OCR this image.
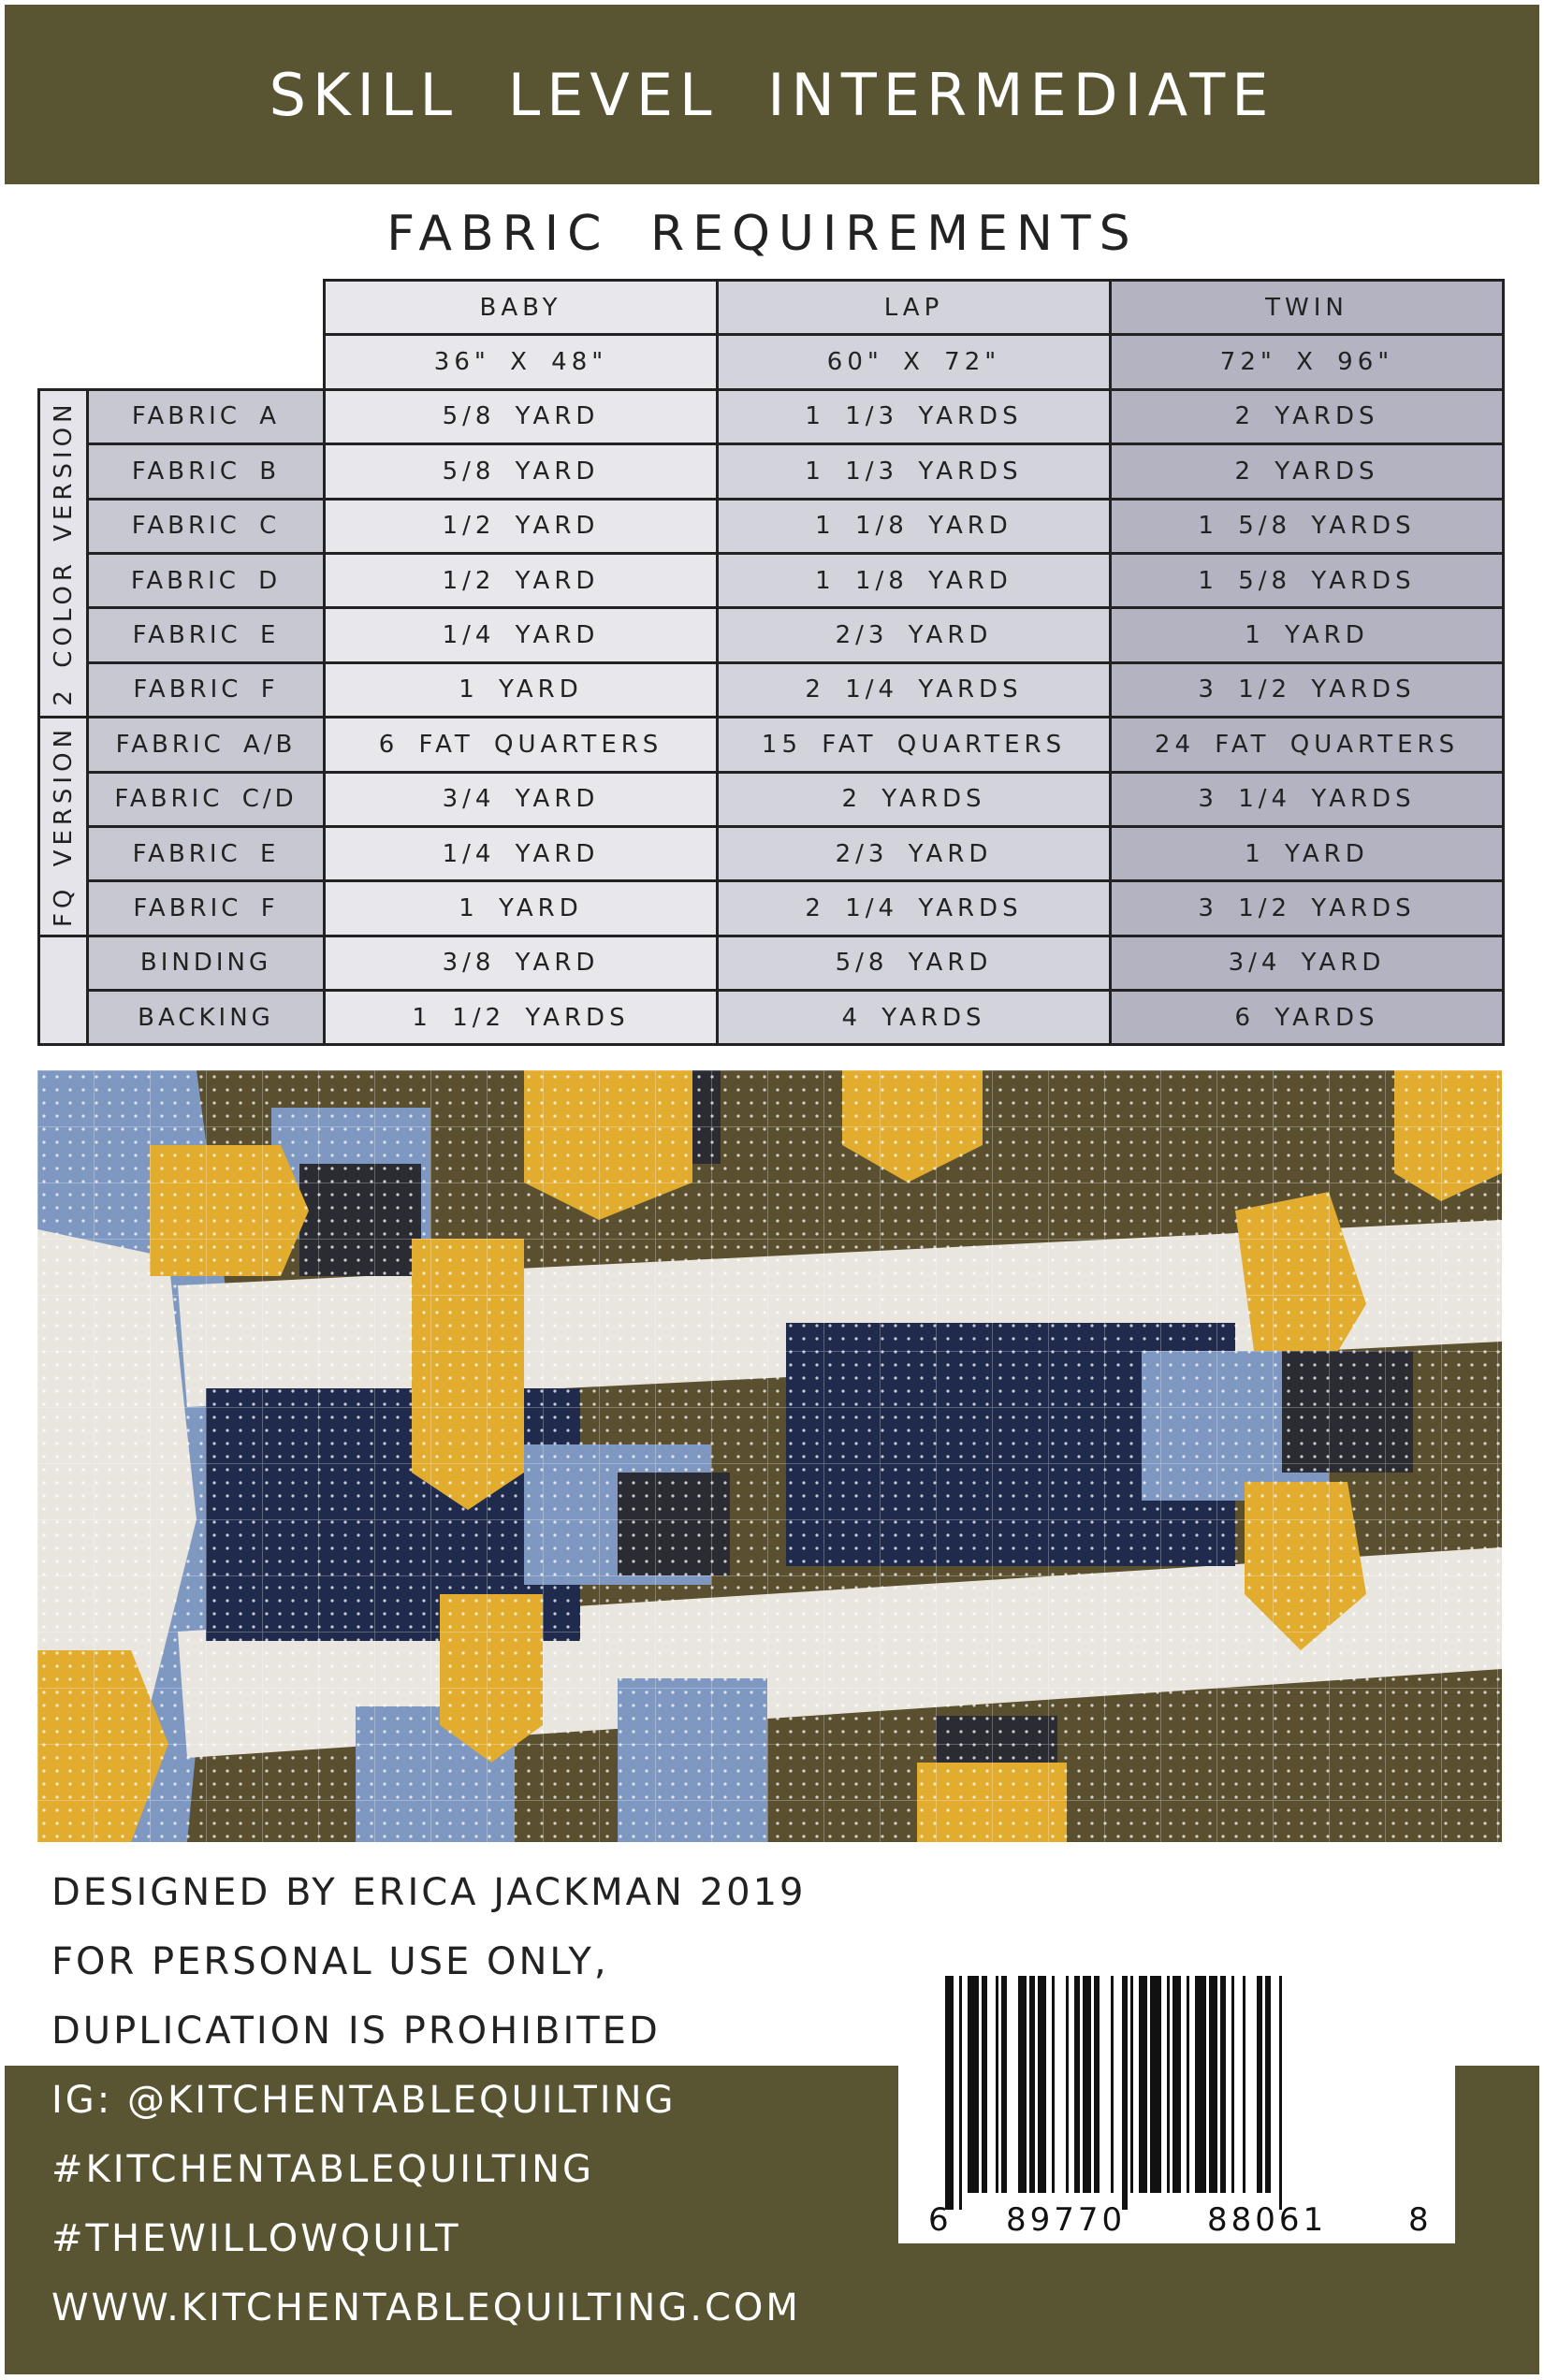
SKILL LEVEL INTERMEDIATE
FABRIC REQUIREMENTS
		BABY	LAP	TWIN
		36" X 48"	60" X 72"	72" X 96"

2 COLOR VERSION	FABRIC A	5/8 YARD	1 1/3 YARDS	2 YARDS
	FABRIC B	5/8 YARD	1 1/3 YARDS	2 YARDS
	FABRIC C	1/2 YARD	1 1/8 YARD	1 5/8 YARDS
	FABRIC D	1/2 YARD	1 1/8 YARD	1 5/8 YARDS
	FABRIC E	1/4 YARD	2/3 YARD	1 YARD
	FABRIC F	1 YARD	2 1/4 YARDS	3 1/2 YARDS

FQ VERSION	FABRIC A/B	6 FAT QUARTERS	15 FAT QUARTERS	24 FAT QUARTERS
	FABRIC C/D	3/4 YARD	2 YARDS	3 1/4 YARDS
	FABRIC E	1/4 YARD	2/3 YARD	1 YARD
	FABRIC F	1 YARD	2 1/4 YARDS	3 1/2 YARDS
	BINDING	3/8 YARD	5/8 YARD	3/4 YARD
	BACKING	1 1/2 YARDS	4 YARDS	6 YARDS
DESIGNED BY ERICA JACKMAN 2019
FOR PERSONAL USE ONLY,
DUPLICATION IS PROHIBITED
IG: @KITCHENTABLEQUILTING
#KITCHENTABLEQUILTING
#THEWILLOWQUILT
WWW.KITCHENTABLEQUILTING.COM
6 89770	88061	8
